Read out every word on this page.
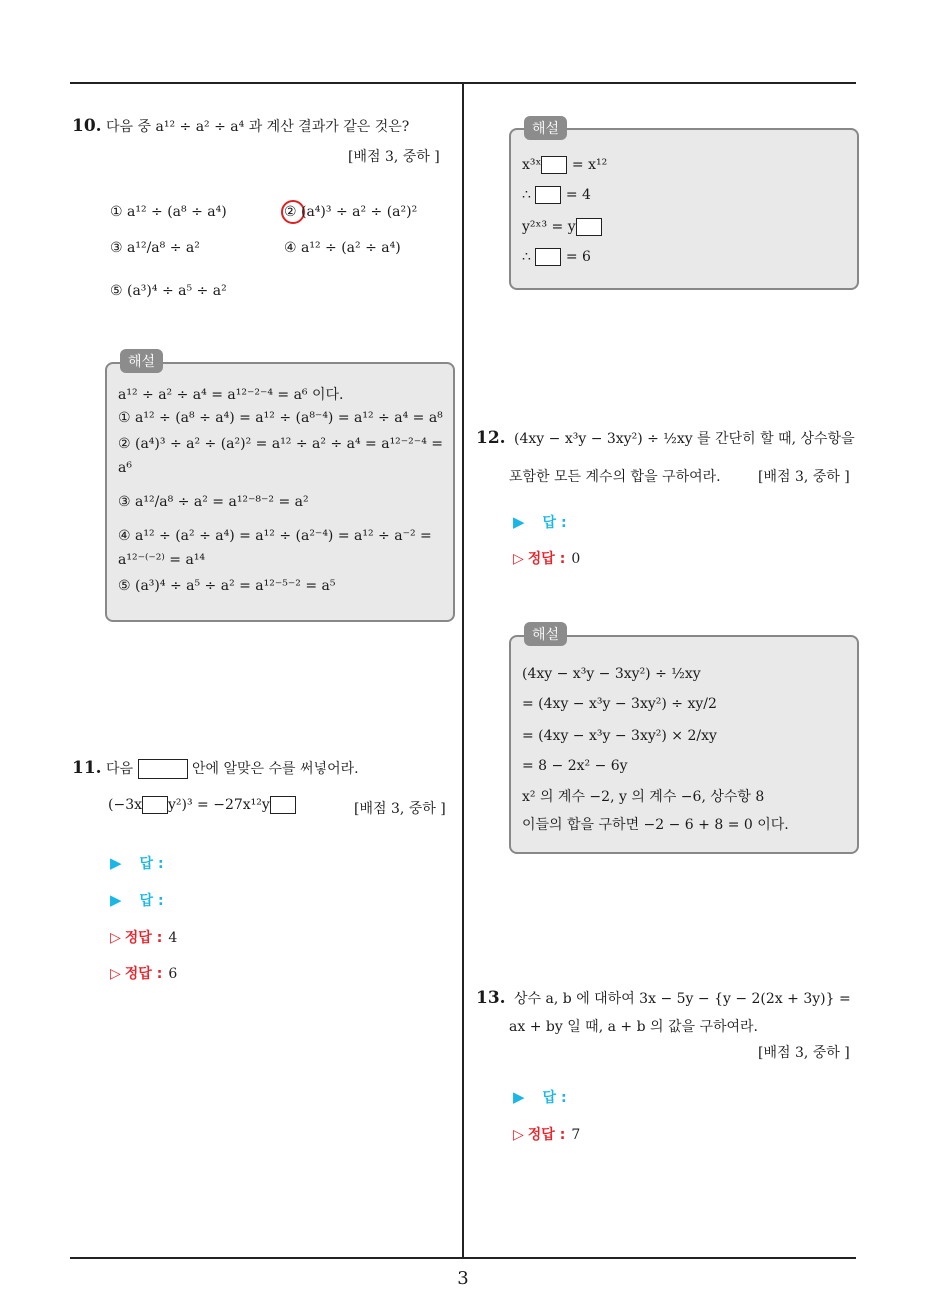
3
10. 다음 중 a¹² ÷ a² ÷ a⁴ 과 계산 결과가 같은 것은?
[배점 3, 중하 ]
① a¹² ÷ (a⁸ ÷ a⁴)	② (a⁴)³ ÷ a² ÷ (a²)²
③ a¹²/a⁸ ÷ a²	④ a¹² ÷ (a² ÷ a⁴)
⑤ (a³)⁴ ÷ a⁵ ÷ a²
해설
a¹² ÷ a² ÷ a⁴ = a¹²⁻²⁻⁴ = a⁶ 이다.
① a¹² ÷ (a⁸ ÷ a⁴) = a¹² ÷ (a⁸⁻⁴) = a¹² ÷ a⁴ = a⁸
② (a⁴)³ ÷ a² ÷ (a²)² = a¹² ÷ a² ÷ a⁴ = a¹²⁻²⁻⁴ =
a⁶
③ a¹²/a⁸ ÷ a² = a¹²⁻⁸⁻² = a²
④ a¹² ÷ (a² ÷ a⁴) = a¹² ÷ (a²⁻⁴) = a¹² ÷ a⁻² =
a¹²⁻⁽⁻²⁾ = a¹⁴
⑤ (a³)⁴ ÷ a⁵ ÷ a² = a¹²⁻⁵⁻² = a⁵
11. 다음	안에 알맞은 수를 써넣어라.
(−3x y²)³ = −27x¹²y	[배점 3, 중하 ]
▶ 답 :
▶ 답 :
▷ 정답 : 4
▷ 정답 : 6
해설
x³ˣ = x¹²
∴ = 4
y²ˣ³ = y
∴ = 6
12. (4xy − x³y − 3xy²) ÷ ½xy 를 간단히 할 때, 상수항을
포함한 모든 계수의 합을 구하여라.	[배점 3, 중하 ]
▶ 답 :
▷ 정답 : 0
해설
(4xy − x³y − 3xy²) ÷ ½xy
= (4xy − x³y − 3xy²) ÷ xy/2
= (4xy − x³y − 3xy²) × 2/xy
= 8 − 2x² − 6y
x² 의 계수 −2, y 의 계수 −6, 상수항 8
이들의 합을 구하면 −2 − 6 + 8 = 0 이다.
13. 상수 a, b 에 대하여 3x − 5y − {y − 2(2x + 3y)} =
ax + by 일 때, a + b 의 값을 구하여라.
[배점 3, 중하 ]
▶ 답 :
▷ 정답 : 7
